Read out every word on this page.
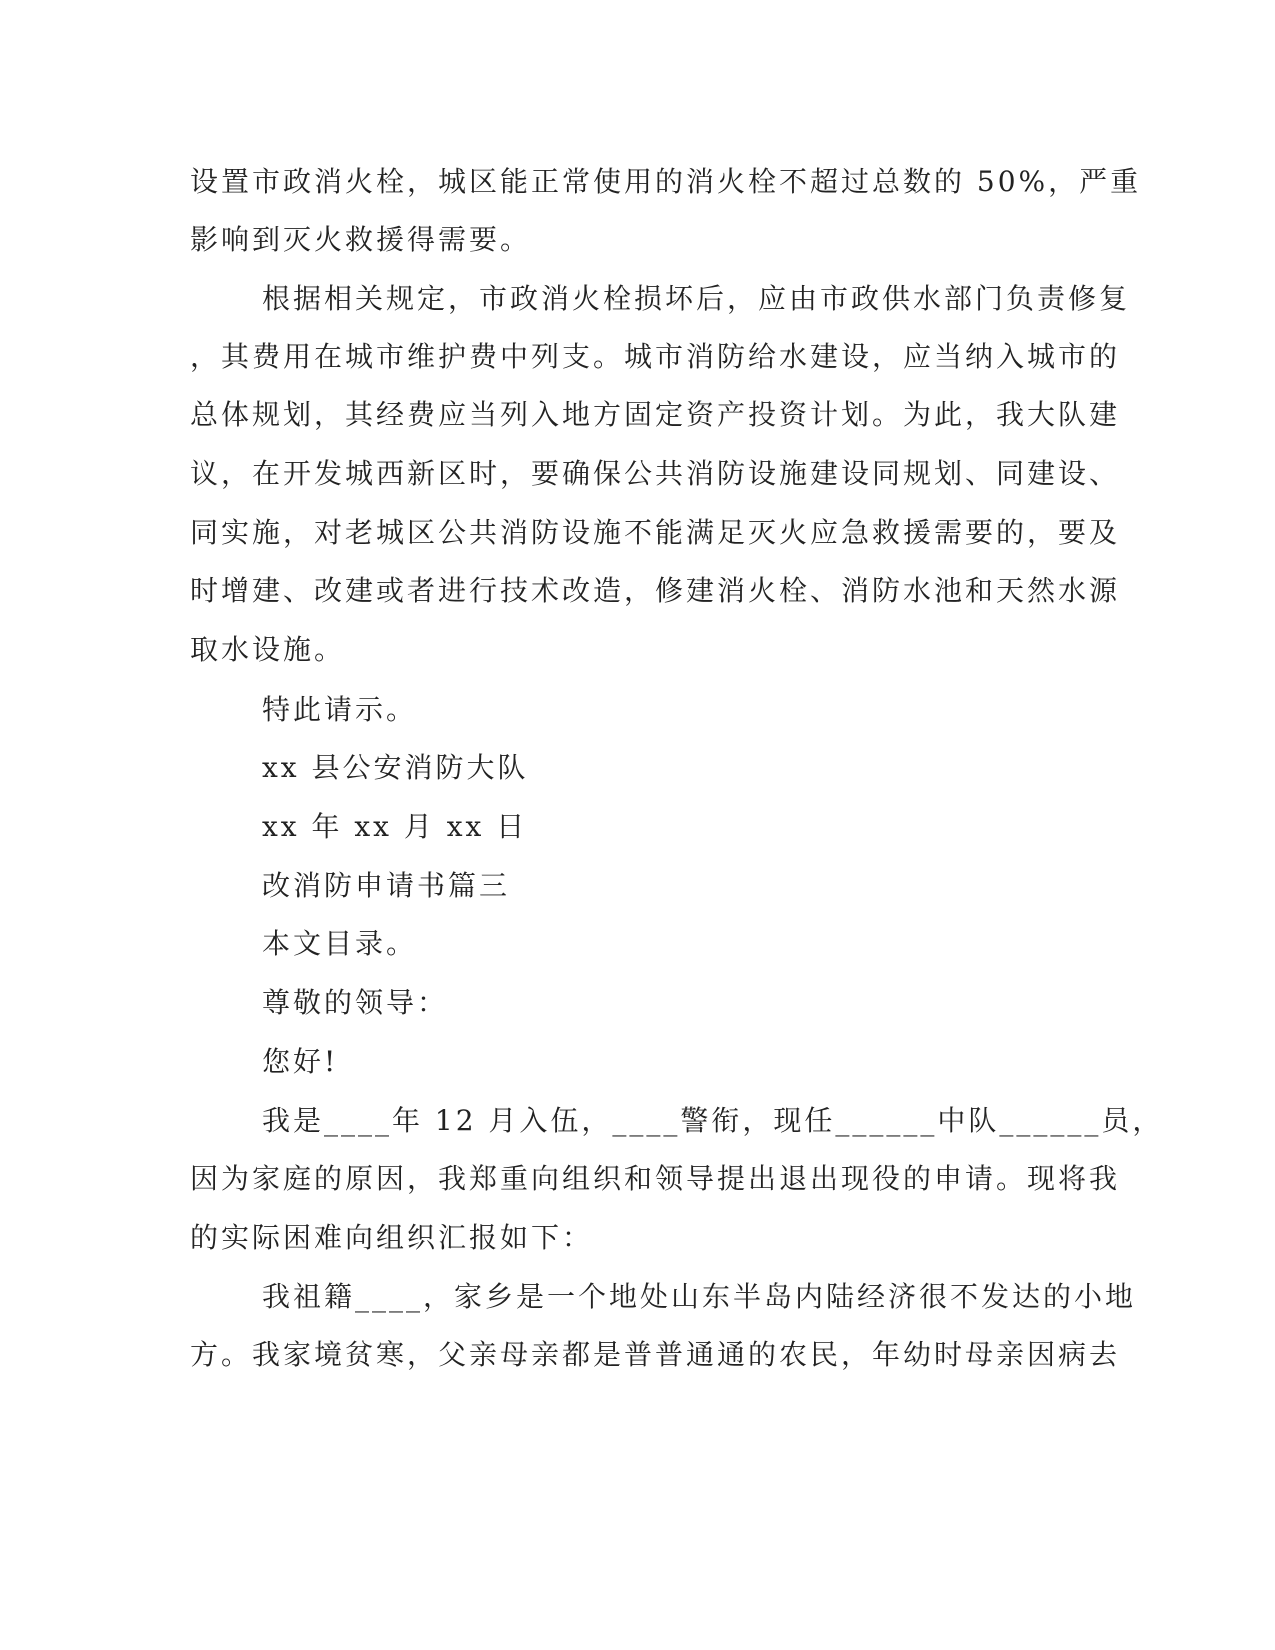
设置市政消火栓，城区能正常使用的消火栓不超过总数的 50%，严重
影响到灭火救援得需要。
根据相关规定，市政消火栓损坏后，应由市政供水部门负责修复
，其费用在城市维护费中列支。城市消防给水建设，应当纳入城市的
总体规划，其经费应当列入地方固定资产投资计划。为此，我大队建
议，在开发城西新区时，要确保公共消防设施建设同规划、同建设、
同实施，对老城区公共消防设施不能满足灭火应急救援需要的，要及
时增建、改建或者进行技术改造，修建消火栓、消防水池和天然水源
取水设施。
特此请示。
xx 县公安消防大队
xx 年 xx 月 xx 日
改消防申请书篇三
本文目录。
尊敬的领导：
您好!
我是____年 12 月入伍，____警衔，现任______中队______员，
因为家庭的原因，我郑重向组织和领导提出退出现役的申请。现将我
的实际困难向组织汇报如下：
我祖籍____，家乡是一个地处山东半岛内陆经济很不发达的小地
方。我家境贫寒，父亲母亲都是普普通通的农民，年幼时母亲因病去
